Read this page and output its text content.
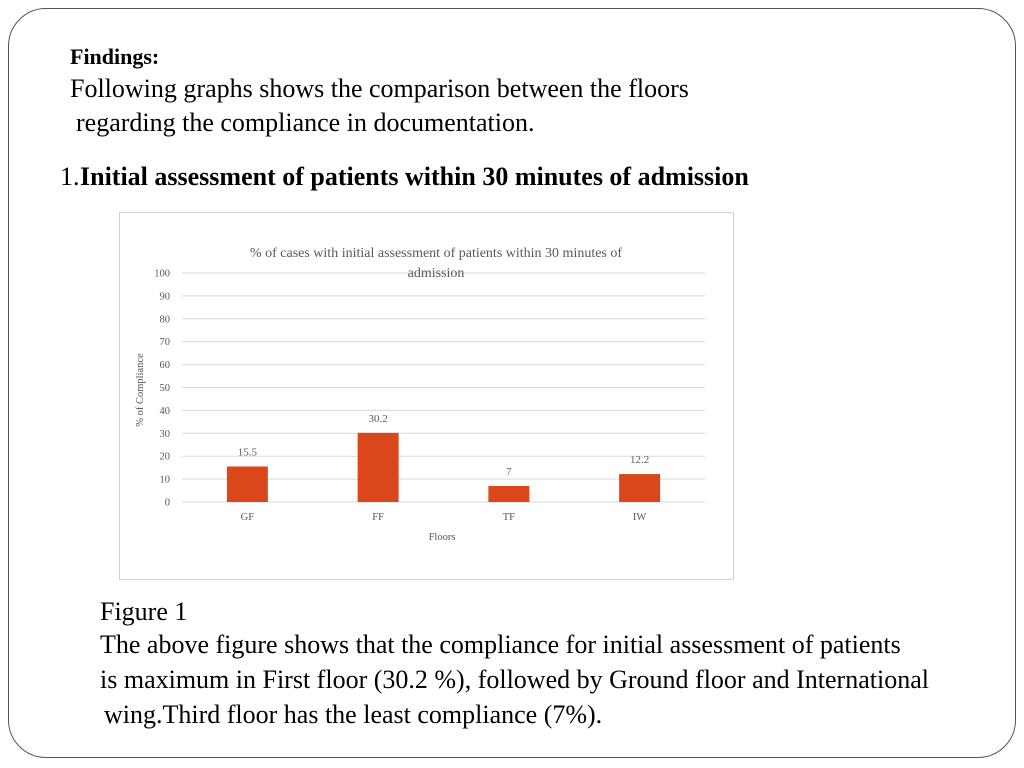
Findings:
Following graphs shows the comparison between the floors
regarding the compliance in documentation.
1. Initial assessment of patients within 30 minutes of admission
0
10
20
30
40
50
60
70
80
90
100
15.5
GF
30.2
FF
7
TF
12.2
IW
% of cases with initial assessment of patients within 30 minutes of
admission
Floors
% of Compliance
Figure 1
The above figure shows that the compliance for initial assessment of patients
is maximum in First floor (30.2 %), followed by Ground floor and International
wing.Third floor has the least compliance (7%).
